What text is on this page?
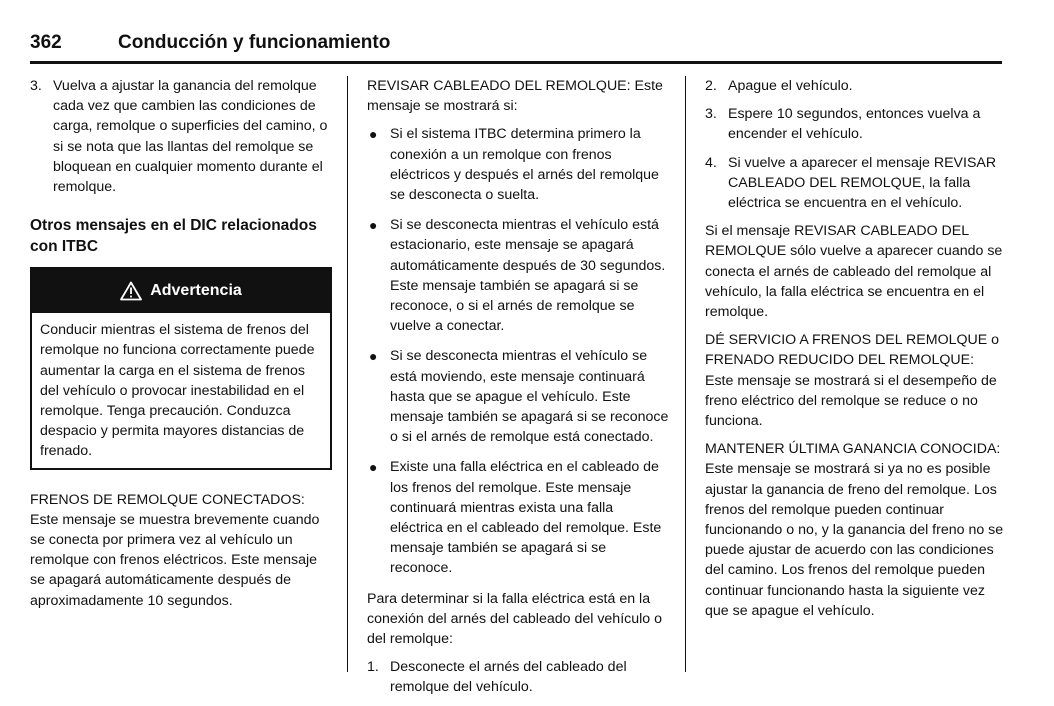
362	Conducción y funcionamiento
3. Vuelva a ajustar la ganancia del remolque cada vez que cambien las condiciones de carga, remolque o superficies del camino, o si se nota que las llantas del remolque se bloquean en cualquier momento durante el remolque.
Otros mensajes en el DIC relacionados con ITBC
Advertencia
Conducir mientras el sistema de frenos del remolque no funciona correctamente puede aumentar la carga en el sistema de frenos del vehículo o provocar inestabilidad en el remolque. Tenga precaución. Conduzca despacio y permita mayores distancias de frenado.
FRENOS DE REMOLQUE CONECTADOS: Este mensaje se muestra brevemente cuando se conecta por primera vez al vehículo un remolque con frenos eléctricos. Este mensaje se apagará automáticamente después de aproximadamente 10 segundos.
REVISAR CABLEADO DEL REMOLQUE: Este mensaje se mostrará si:
● Si el sistema ITBC determina primero la conexión a un remolque con frenos eléctricos y después el arnés del remolque se desconecta o suelta.
● Si se desconecta mientras el vehículo está estacionario, este mensaje se apagará automáticamente después de 30 segundos. Este mensaje también se apagará si se reconoce, o si el arnés de remolque se vuelve a conectar.
● Si se desconecta mientras el vehículo se está moviendo, este mensaje continuará hasta que se apague el vehículo. Este mensaje también se apagará si se reconoce o si el arnés de remolque está conectado.
● Existe una falla eléctrica en el cableado de los frenos del remolque. Este mensaje continuará mientras exista una falla eléctrica en el cableado del remolque. Este mensaje también se apagará si se reconoce.
Para determinar si la falla eléctrica está en la conexión del arnés del cableado del vehículo o del remolque:
1. Desconecte el arnés del cableado del remolque del vehículo.
2. Apague el vehículo.
3. Espere 10 segundos, entonces vuelva a encender el vehículo.
4. Si vuelve a aparecer el mensaje REVISAR CABLEADO DEL REMOLQUE, la falla eléctrica se encuentra en el vehículo.
Si el mensaje REVISAR CABLEADO DEL REMOLQUE sólo vuelve a aparecer cuando se conecta el arnés de cableado del remolque al vehículo, la falla eléctrica se encuentra en el remolque.
DÉ SERVICIO A FRENOS DEL REMOLQUE o FRENADO REDUCIDO DEL REMOLQUE: Este mensaje se mostrará si el desempeño de freno eléctrico del remolque se reduce o no funciona.
MANTENER ÚLTIMA GANANCIA CONOCIDA: Este mensaje se mostrará si ya no es posible ajustar la ganancia de freno del remolque. Los frenos del remolque pueden continuar funcionando o no, y la ganancia del freno no se puede ajustar de acuerdo con las condiciones del camino. Los frenos del remolque pueden continuar funcionando hasta la siguiente vez que se apague el vehículo.
